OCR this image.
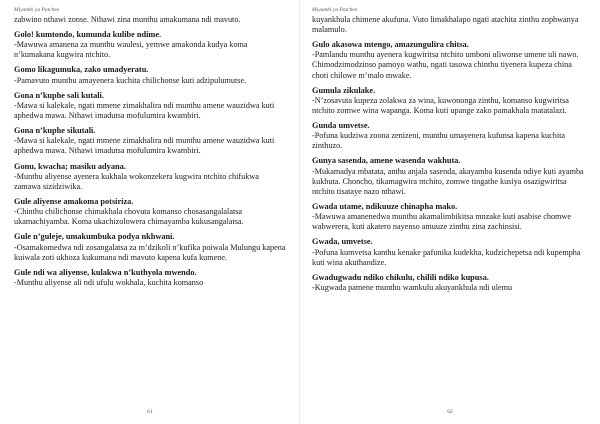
Miyambi ya Patchee

zabwino nthawi zonse. Nthawi zina munthu amakumana ndi mavuto.

Golo! kumtondo, kumunda kulibe ndime.

-Mawuwa amanena za munthu waulesi, yemwe amakonda kudya koma n’kumakana kugwira ntchito.

Gomo likagumuka, zako umadyeratu.

-Pamavuto munthu amayenera kuchita chilichonse kuti adzipulumutse.

Gona n’kuphe sali kutali.

-Mawa si kalekale, ngati mmene zimakhalira ndi munthu amene wauzidwa kuti aphedwa mawa. Nthawi imadutsa mofulumira kwambiri.

Gona n’kuphe sikutali.

-Mawa si kalekale, ngati mmene zimakhalira ndi munthu amene wauzidwa kuti aphedwa mawa. Nthawi imadutsa mofulumira kwambiri.

Gonu, kwacha; masiku adyana.

-Munthu aliyense ayenera kukhala wokonzekera kugwira ntchito chifukwa zamawa sizidziwika.

Gule aliyense amakoma potsiriza.

-Chinthu chilichonse chimakhala chovuta komanso chosasangalalatsa ukamachiyamba. Koma ukachizolowera chimayamba kukusangalatsa.

Gule n’guleje, umakumbuka podya nkhwani.

-Osamakomedwa ndi zosangalatsa za m’dzikoli n’kufika poiwala Mulungu kapena kuiwala zoti ukhoza kukumana ndi mavuto kapena kufa kumene.

Gule ndi wa aliyense, kulakwa n’kuthyola mwendo.

-Munthu aliyense ali ndi ufulu wokhala, kuchita komanso

61
Miyambi ya Patchee

kuyankhula chimene akufuna. Vuto limakhalapo ngati atachita zinthu zophwanya malamulo.

Gulo akasowa mtengo, amazungulira chitsa.

-Pamlandu munthu ayenera kugwiritsa ntchito umboni uliwonse umene uli nawo. Chimodzimodzinso pamoyo wathu, ngati tasowa chinthu tiyenera kupeza china choti chilowe m’malo mwake.

Gumula zikulake.

-N’zosavuta kupeza zolakwa za wina, kuwononga zinthu, komanso kugwiritsa ntchito zomwe wina wapanga. Koma kuti upange zako pamakhala matatalazi.

Gunda umvetse.

-Pofuna kudziwa zoona zenizeni, munthu umayenera kufunsa kapena kuchita zinthuzo.

Gunya sasenda, amene wasenda wakhuta.

-Mukamadya mbatata, anthu anjala sasenda, akayamba kusenda ndiye kuti ayamba kukhuta. Choncho, tikamagwira ntchito, zomwe tingathe kusiya osazigwiritsa ntchito tisataye nazo nthawi.

Gwada utame, ndikuuze chinapha mako.

-Mawuwa amanenedwa munthu akamalimbikitsa mnzake kuti asabise chomwe wabwerera, kuti akatero nayenso amuuze zinthu zina zachinsisi.

Gwada, umvetse.

-Pofuna kumvetsa kanthu kenake pafunika kudekha, kudzichepetsa ndi kupempha kuti wina akuthandize.

Gwadugwadu ndiko chikulu, chilili ndiko kupusa.

-Kugwada pamene munthu wamkulu akuyankhula ndi ulemu

62
